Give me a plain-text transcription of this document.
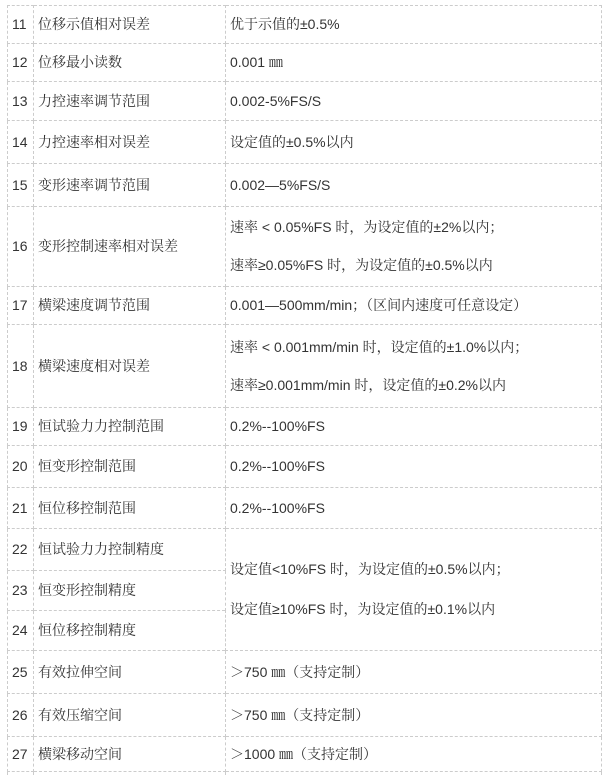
11	位移示值相对误差	优于示值的±0.5%
12	位移最小读数	0.001 ㎜
13	力控速率调节范围	0.002-5%FS/S
14	力控速率相对误差	设定值的±0.5%以内
15	变形速率调节范围	0.002—5%FS/S
16	变形控制速率相对误差	速率 < 0.05%FS 时，为设定值的±2%以内；
速率≥0.05%FS 时，为设定值的±0.5%以内

17	横梁速度调节范围	0.001—500mm/min；（区间内速度可任意设定）
18	横梁速度相对误差	速率 < 0.001mm/min 时，设定值的±1.0%以内；
速率≥0.001mm/min 时，设定值的±0.2%以内

19	恒试验力力控制范围	0.2%--100%FS
20	恒变形控制范围	0.2%--100%FS
21	恒位移控制范围	0.2%--100%FS
22	恒试验力力控制精度	设定值<10%FS 时，为设定值的±0.5%以内；
设定值≥10%FS 时，为设定值的±0.1%以内

23	恒变形控制精度	
24	恒位移控制精度	
25	有效拉伸空间	＞750 ㎜（支持定制）
26	有效压缩空间	＞750 ㎜（支持定制）
27	横梁移动空间	＞1000 ㎜（支持定制）
